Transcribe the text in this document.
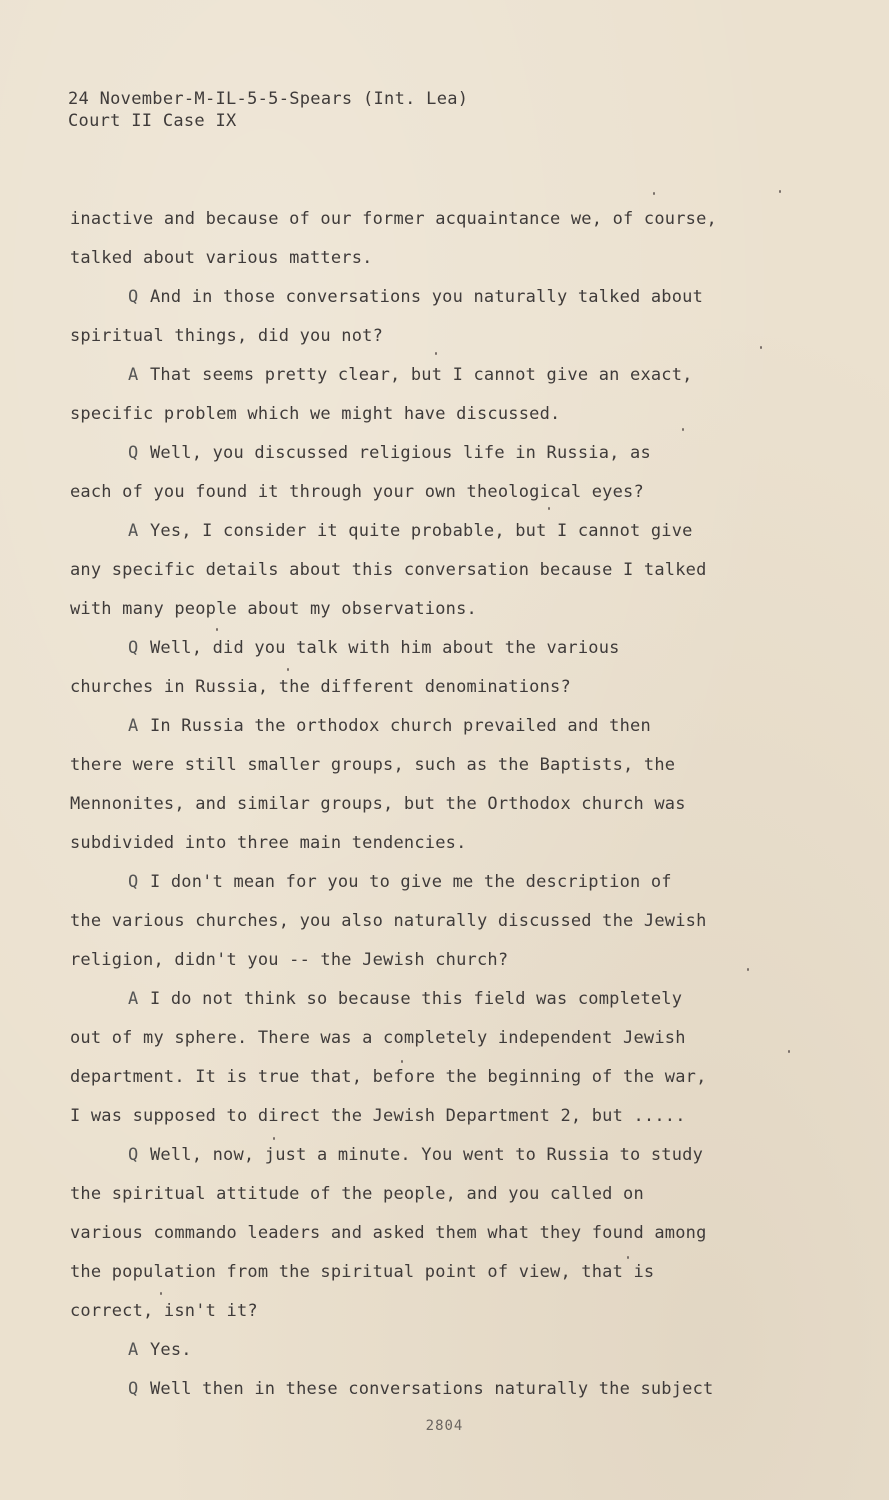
24 November-M-IL-5-5-Spears (Int. Lea)
Court II Case IX
inactive and because of our former acquaintance we, of course,
talked about various matters.
Q And in those conversations you naturally talked about
spiritual things, did you not?
A That seems pretty clear, but I cannot give an exact,
specific problem which we might have discussed.
Q Well, you discussed religious life in Russia, as
each of you found it through your own theological eyes?
A Yes, I consider it quite probable, but I cannot give
any specific details about this conversation because I talked
with many people about my observations.
Q Well, did you talk with him about the various
churches in Russia, the different denominations?
A In Russia the orthodox church prevailed and then
there were still smaller groups, such as the Baptists, the
Mennonites, and similar groups, but the Orthodox church was
subdivided into three main tendencies.
Q I don't mean for you to give me the description of
the various churches, you also naturally discussed the Jewish
religion, didn't you -- the Jewish church?
A I do not think so because this field was completely
out of my sphere. There was a completely independent Jewish
department. It is true that, before the beginning of the war,
I was supposed to direct the Jewish Department 2, but .....
Q Well, now, just a minute. You went to Russia to study
the spiritual attitude of the people, and you called on
various commando leaders and asked them what they found among
the population from the spiritual point of view, that is
correct, isn't it?
A Yes.
Q Well then in these conversations naturally the subject
2804
